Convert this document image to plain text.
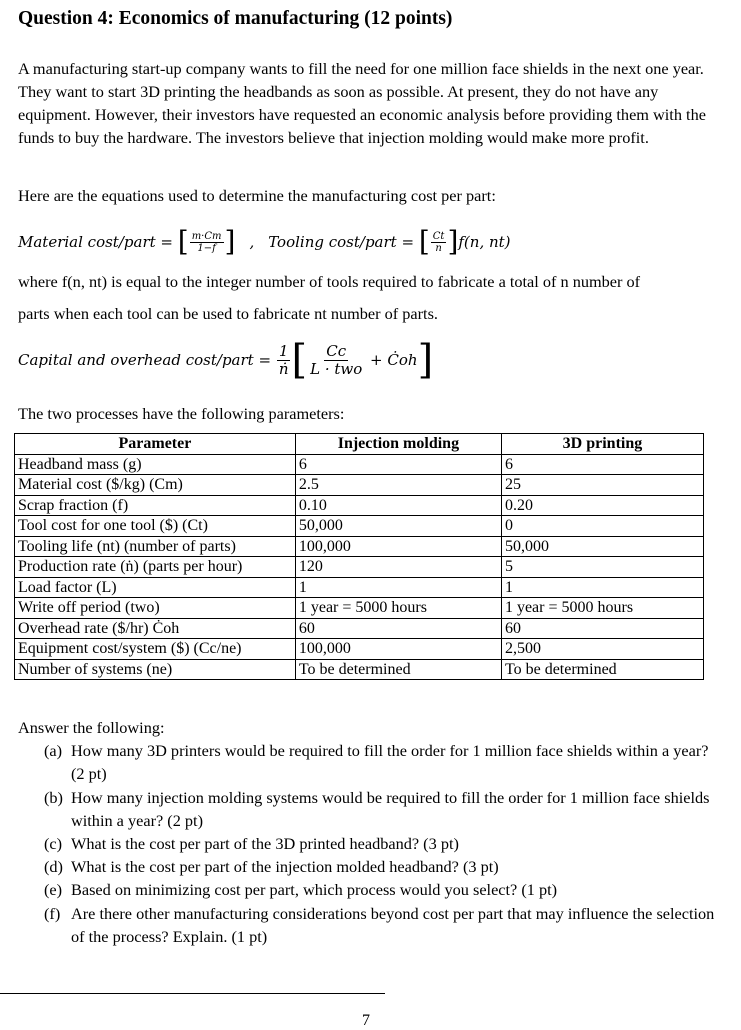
Question 4: Economics of manufacturing (12 points)

A manufacturing start-up company wants to fill the need for one million face shields in the next one year. They want to start 3D printing the headbands as soon as possible. At present, they do not have any equipment. However, their investors have requested an economic analysis before providing them with the funds to buy the hardware. The investors believe that injection molding would make more profit.

Here are the equations used to determine the manufacturing cost per part:

Material cost/part =
[ $\frac{m\cdot Cm}{1-f}$ ] , Tooling cost/part =
[ $\frac{Ct}{n}$ ] f(n, nt)

where f(n, nt) is equal to the integer number of tools required to fabricate a total of n number of

parts when each tool can be used to fabricate nt number of parts.

Capital and overhead cost/part =
$\frac{1}{\text{ṅ}}$ [ $\frac{Cc}{\text{L · two}}$
+ Ċoh ]

The two processes have the following parameters:

Parameter	Injection molding	3D printing
Headband mass (g)	6	6
Material cost ($/kg) (Cm)	2.5	25
Scrap fraction (f)	0.10	0.20
Tool cost for one tool ($) (Ct)	50,000	0
Tooling life (nt) (number of parts)	100,000	50,000
Production rate (ṅ) (parts per hour)	120	5
Load factor (L)	1	1
Write off period (two)	1 year = 5000 hours	1 year = 5000 hours
Overhead rate ($/hr) Ċoh	60	60
Equipment cost/system ($) (Cc/ne)	100,000	2,500
Number of systems (ne)	To be determined	To be determined

Answer the following:

(a) How many 3D printers would be required to fill the order for 1 million face shields within a year? (2 pt)
(b) How many injection molding systems would be required to fill the order for 1 million face shields within a year? (2 pt)
(c) What is the cost per part of the 3D printed headband? (3 pt)
(d) What is the cost per part of the injection molded headband? (3 pt)
(e) Based on minimizing cost per part, which process would you select? (1 pt)
(f) Are there other manufacturing considerations beyond cost per part that may influence the selection of the process? Explain. (1 pt)
7
